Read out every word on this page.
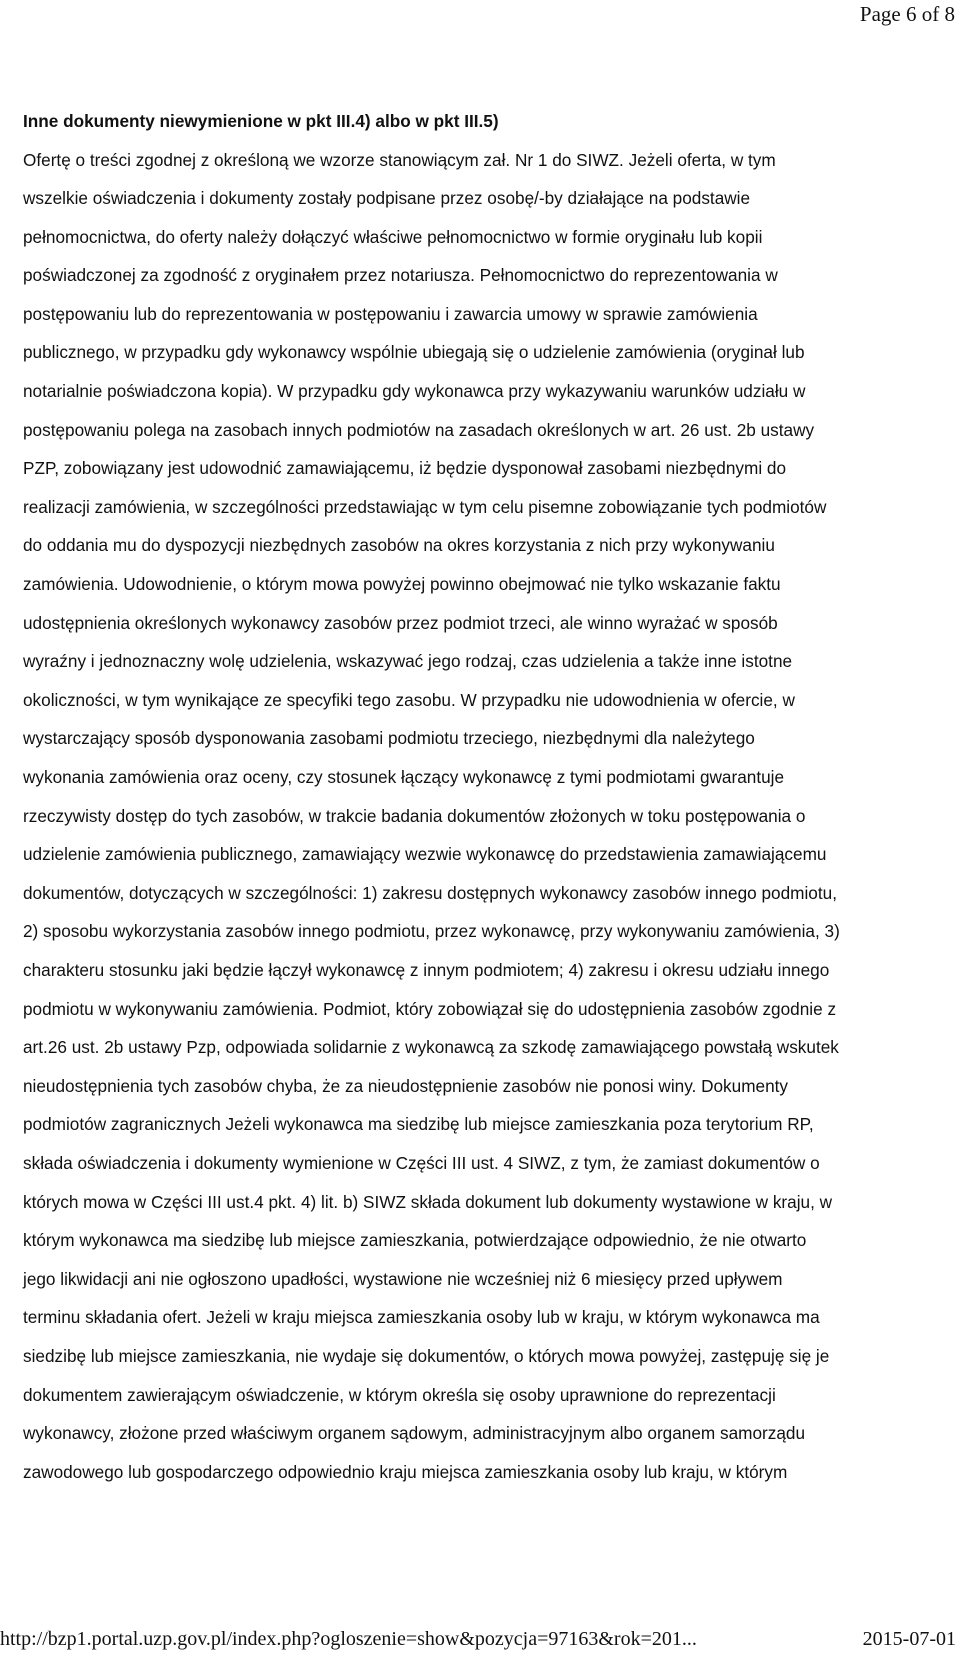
Page 6 of 8
Inne dokumenty niewymienione w pkt III.4) albo w pkt III.5)

Ofertę o treści zgodnej z określoną we wzorze stanowiącym zał. Nr 1 do SIWZ. Jeżeli oferta, w tym
wszelkie oświadczenia i dokumenty zostały podpisane przez osobę/-by działające na podstawie
pełnomocnictwa, do oferty należy dołączyć właściwe pełnomocnictwo w formie oryginału lub kopii
poświadczonej za zgodność z oryginałem przez notariusza. Pełnomocnictwo do reprezentowania w
postępowaniu lub do reprezentowania w postępowaniu i zawarcia umowy w sprawie zamówienia
publicznego, w przypadku gdy wykonawcy wspólnie ubiegają się o udzielenie zamówienia (oryginał lub
notarialnie poświadczona kopia). W przypadku gdy wykonawca przy wykazywaniu warunków udziału w
postępowaniu polega na zasobach innych podmiotów na zasadach określonych w art. 26 ust. 2b ustawy
PZP, zobowiązany jest udowodnić zamawiającemu, iż będzie dysponował zasobami niezbędnymi do
realizacji zamówienia, w szczególności przedstawiając w tym celu pisemne zobowiązanie tych podmiotów
do oddania mu do dyspozycji niezbędnych zasobów na okres korzystania z nich przy wykonywaniu
zamówienia. Udowodnienie, o którym mowa powyżej powinno obejmować nie tylko wskazanie faktu
udostępnienia określonych wykonawcy zasobów przez podmiot trzeci, ale winno wyrażać w sposób
wyraźny i jednoznaczny wolę udzielenia, wskazywać jego rodzaj, czas udzielenia a także inne istotne
okoliczności, w tym wynikające ze specyfiki tego zasobu. W przypadku nie udowodnienia w ofercie, w
wystarczający sposób dysponowania zasobami podmiotu trzeciego, niezbędnymi dla należytego
wykonania zamówienia oraz oceny, czy stosunek łączący wykonawcę z tymi podmiotami gwarantuje
rzeczywisty dostęp do tych zasobów, w trakcie badania dokumentów złożonych w toku postępowania o
udzielenie zamówienia publicznego, zamawiający wezwie wykonawcę do przedstawienia zamawiającemu
dokumentów, dotyczących w szczególności: 1) zakresu dostępnych wykonawcy zasobów innego podmiotu,
2) sposobu wykorzystania zasobów innego podmiotu, przez wykonawcę, przy wykonywaniu zamówienia, 3)
charakteru stosunku jaki będzie łączył wykonawcę z innym podmiotem; 4) zakresu i okresu udziału innego
podmiotu w wykonywaniu zamówienia. Podmiot, który zobowiązał się do udostępnienia zasobów zgodnie z
art.26 ust. 2b ustawy Pzp, odpowiada solidarnie z wykonawcą za szkodę zamawiającego powstałą wskutek
nieudostępnienia tych zasobów chyba, że za nieudostępnienie zasobów nie ponosi winy. Dokumenty
podmiotów zagranicznych Jeżeli wykonawca ma siedzibę lub miejsce zamieszkania poza terytorium RP,
składa oświadczenia i dokumenty wymienione w Części III ust. 4 SIWZ, z tym, że zamiast dokumentów o
których mowa w Części III ust.4 pkt. 4) lit. b) SIWZ składa dokument lub dokumenty wystawione w kraju, w
którym wykonawca ma siedzibę lub miejsce zamieszkania, potwierdzające odpowiednio, że nie otwarto
jego likwidacji ani nie ogłoszono upadłości, wystawione nie wcześniej niż 6 miesięcy przed upływem
terminu składania ofert. Jeżeli w kraju miejsca zamieszkania osoby lub w kraju, w którym wykonawca ma
siedzibę lub miejsce zamieszkania, nie wydaje się dokumentów, o których mowa powyżej, zastępuję się je
dokumentem zawierającym oświadczenie, w którym określa się osoby uprawnione do reprezentacji
wykonawcy, złożone przed właściwym organem sądowym, administracyjnym albo organem samorządu
zawodowego lub gospodarczego odpowiednio kraju miejsca zamieszkania osoby lub kraju, w którym

http://bzp1.portal.uzp.gov.pl/index.php?ogloszenie=show&pozycja=97163&rok=201...	2015-07-01
